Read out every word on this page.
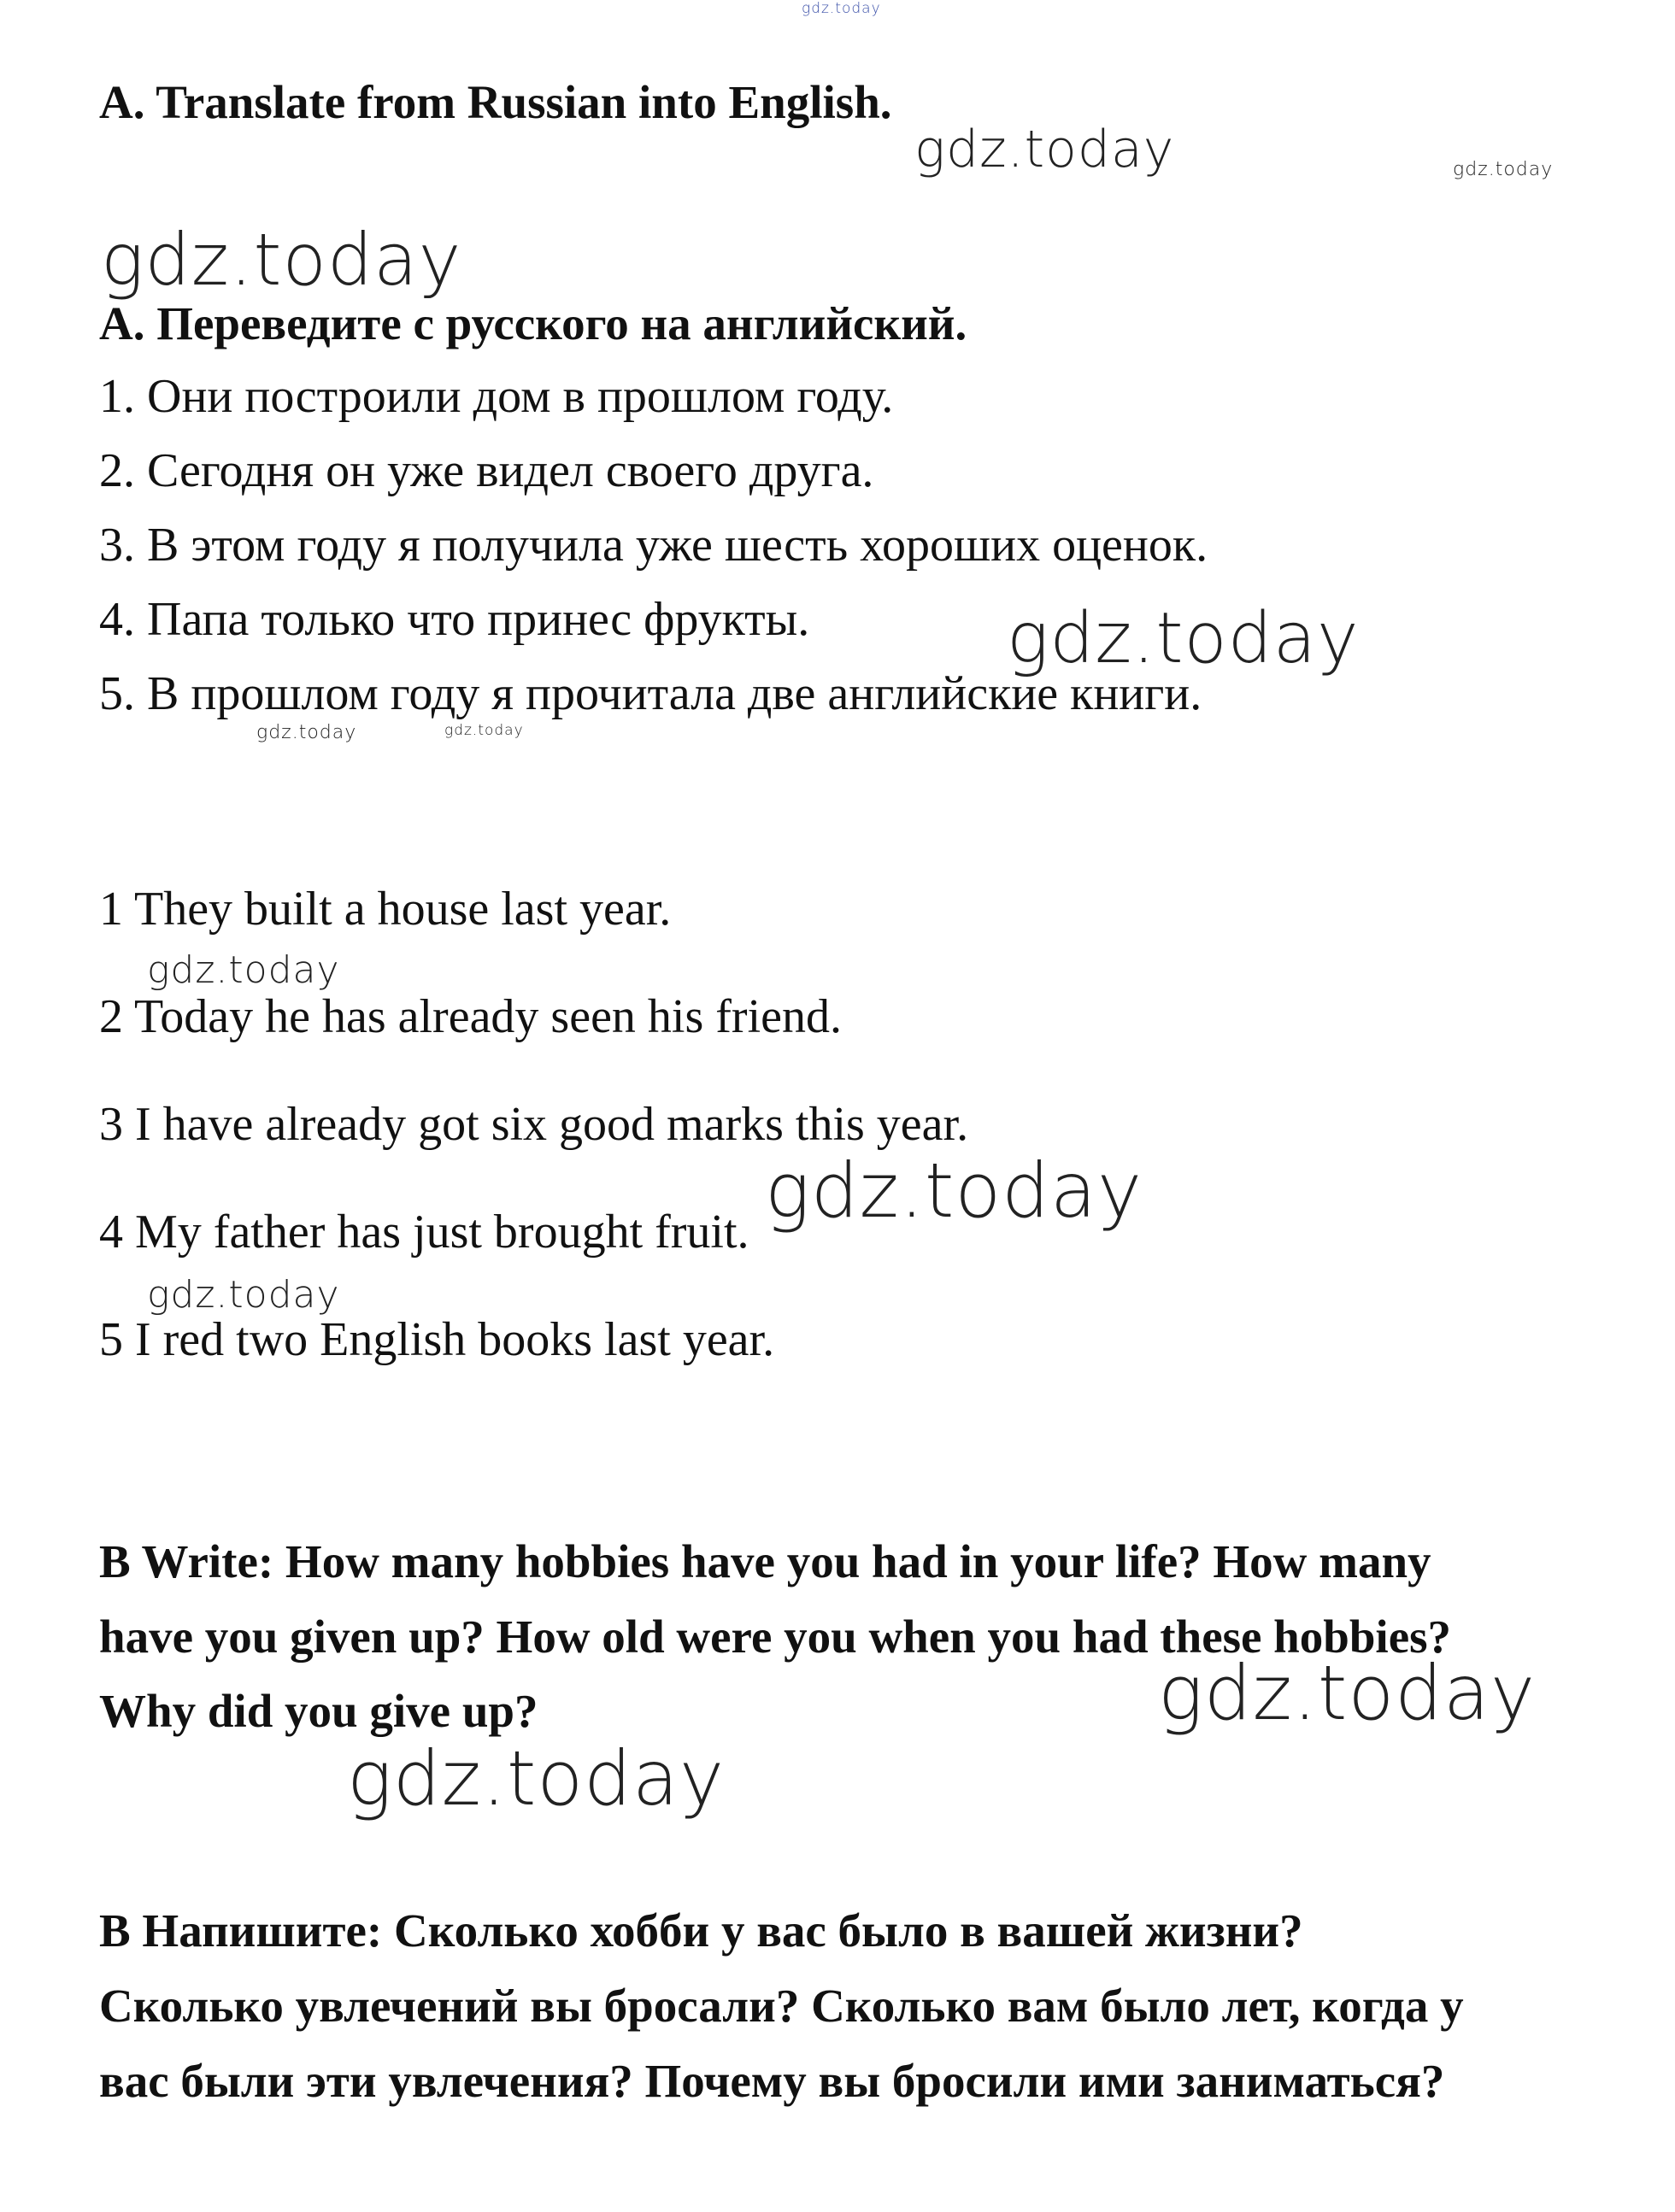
gdz.today
gdz.today	gdz.today
gdz.today
gdz.today
gdz.today	gdz.today
gdz.today
gdz.today
gdz.today
gdz.today
gdz.today
A. Translate from Russian into English.
A. Переведите с русского на английский.
1. Они построили дом в прошлом году.
2. Сегодня он уже видел своего друга.
3. В этом году я получила уже шесть хороших оценок.
4. Папа только что принес фрукты.
5. В прошлом году я прочитала две английские книги.
1 They built a house last year.
2 Today he has already seen his friend.
3 I have already got six good marks this year.
4 My father has just brought fruit.
5 I red two English books last year.
B Write: How many hobbies have you had in your life? How many
have you given up? How old were you when you had these hobbies?
Why did you give up?
В Напишите: Сколько хобби у вас было в вашей жизни?
Сколько увлечений вы бросали? Сколько вам было лет, когда у
вас были эти увлечения? Почему вы бросили ими заниматься?
